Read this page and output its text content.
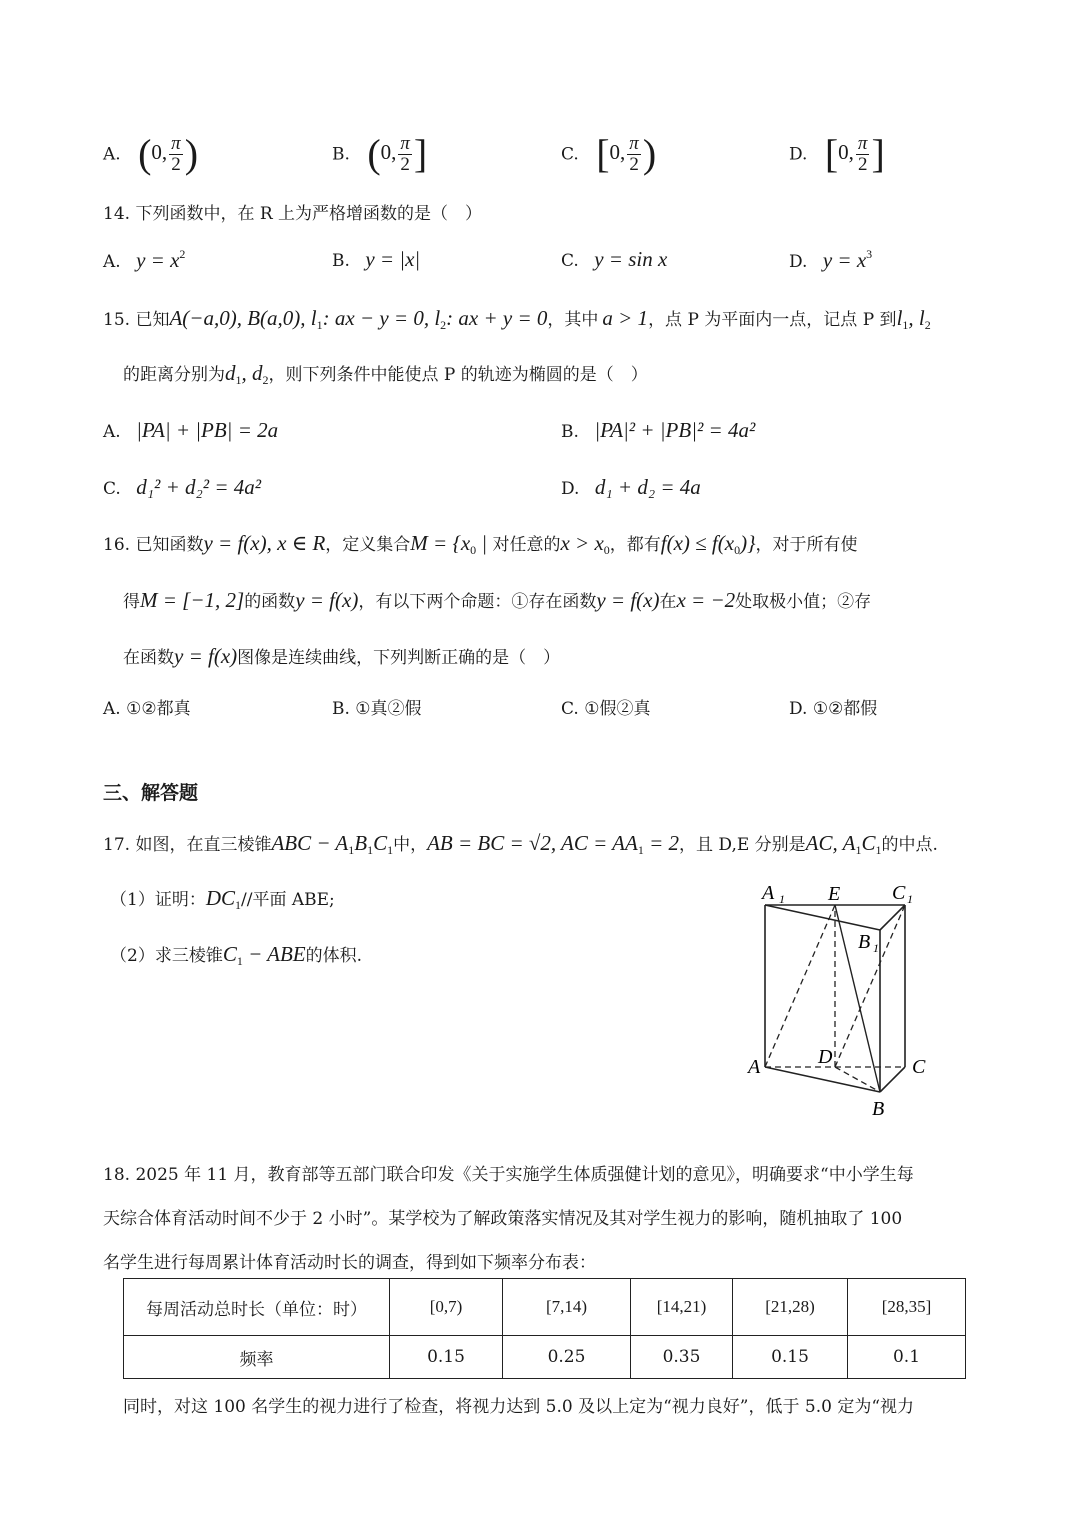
A. (0, $\frac{\pi}{2}$ )	B. (0, $\frac{\pi}{2}$ ]	C. [0, $\frac{\pi}{2}$ )	D. [0, $\frac{\pi}{2}$ ]
14. 下列函数中，在 R 上为严格增函数的是（　）
A. $y = x^2$	B. y = |x|	C. y = sin x	D. $y = x^3$
15. 已知A(−a,0), B(a,0), $l_1$: ax − y = 0, $l_2$: ax + y = 0，其中 a > 1，点 P 为平面内一点，记点 P 到$l_1$, $l_2$
的距离分别为$d_1$, $d_2$，则下列条件中能使点 P 的轨迹为椭圆的是（　）
A. |PA| + |PB| = 2a	B. |PA|² + |PB|² = 4a²
C. d₁² + d₂² = 4a²	D. d₁ + d₂ = 4a
16. 已知函数y = f(x), x ∈ R，定义集合$M = \{x_0$ | 对任意的$x > x_0$，都有$f(x) \le f(x_0)$}，对于所有使
得M = [−1, 2]的函数y = f(x)，有以下两个命题：①存在函数y = f(x)在x = −2处取极小值；②存
在函数y = f(x)图像是连续曲线，下列判断正确的是（　）
A. ①②都真	B. ①真②假	C. ①假②真	D. ①②都假
三、解答题
17. 如图，在直三棱锥ABC − $A_1B_1C_1$中，AB = BC = √2, AC = $AA_1 = 2$，且 D,E 分别是AC, $A_1C_1$的中点.
（1）证明：$DC_1//$平面 ABE;
（2）求三棱锥$C_1$ − ABE的体积.
A
B
C
D
E
A 1
B 1
C 1
18. 2025 年 11 月，教育部等五部门联合印发《关于实施学生体质强健计划的意见》，明确要求“中小学生每
天综合体育活动时间不少于 2 小时”。某学校为了解政策落实情况及其对学生视力的影响，随机抽取了 100
名学生进行每周累计体育活动时长的调查，得到如下频率分布表：
每周活动总时长（单位：时）	[0,7)	[7,14)	[14,21)	[21,28)	[28,35]
频率	0.15	0.25	0.35	0.15	0.1
同时，对这 100 名学生的视力进行了检查，将视力达到 5.0 及以上定为“视力良好”，低于 5.0 定为“视力
